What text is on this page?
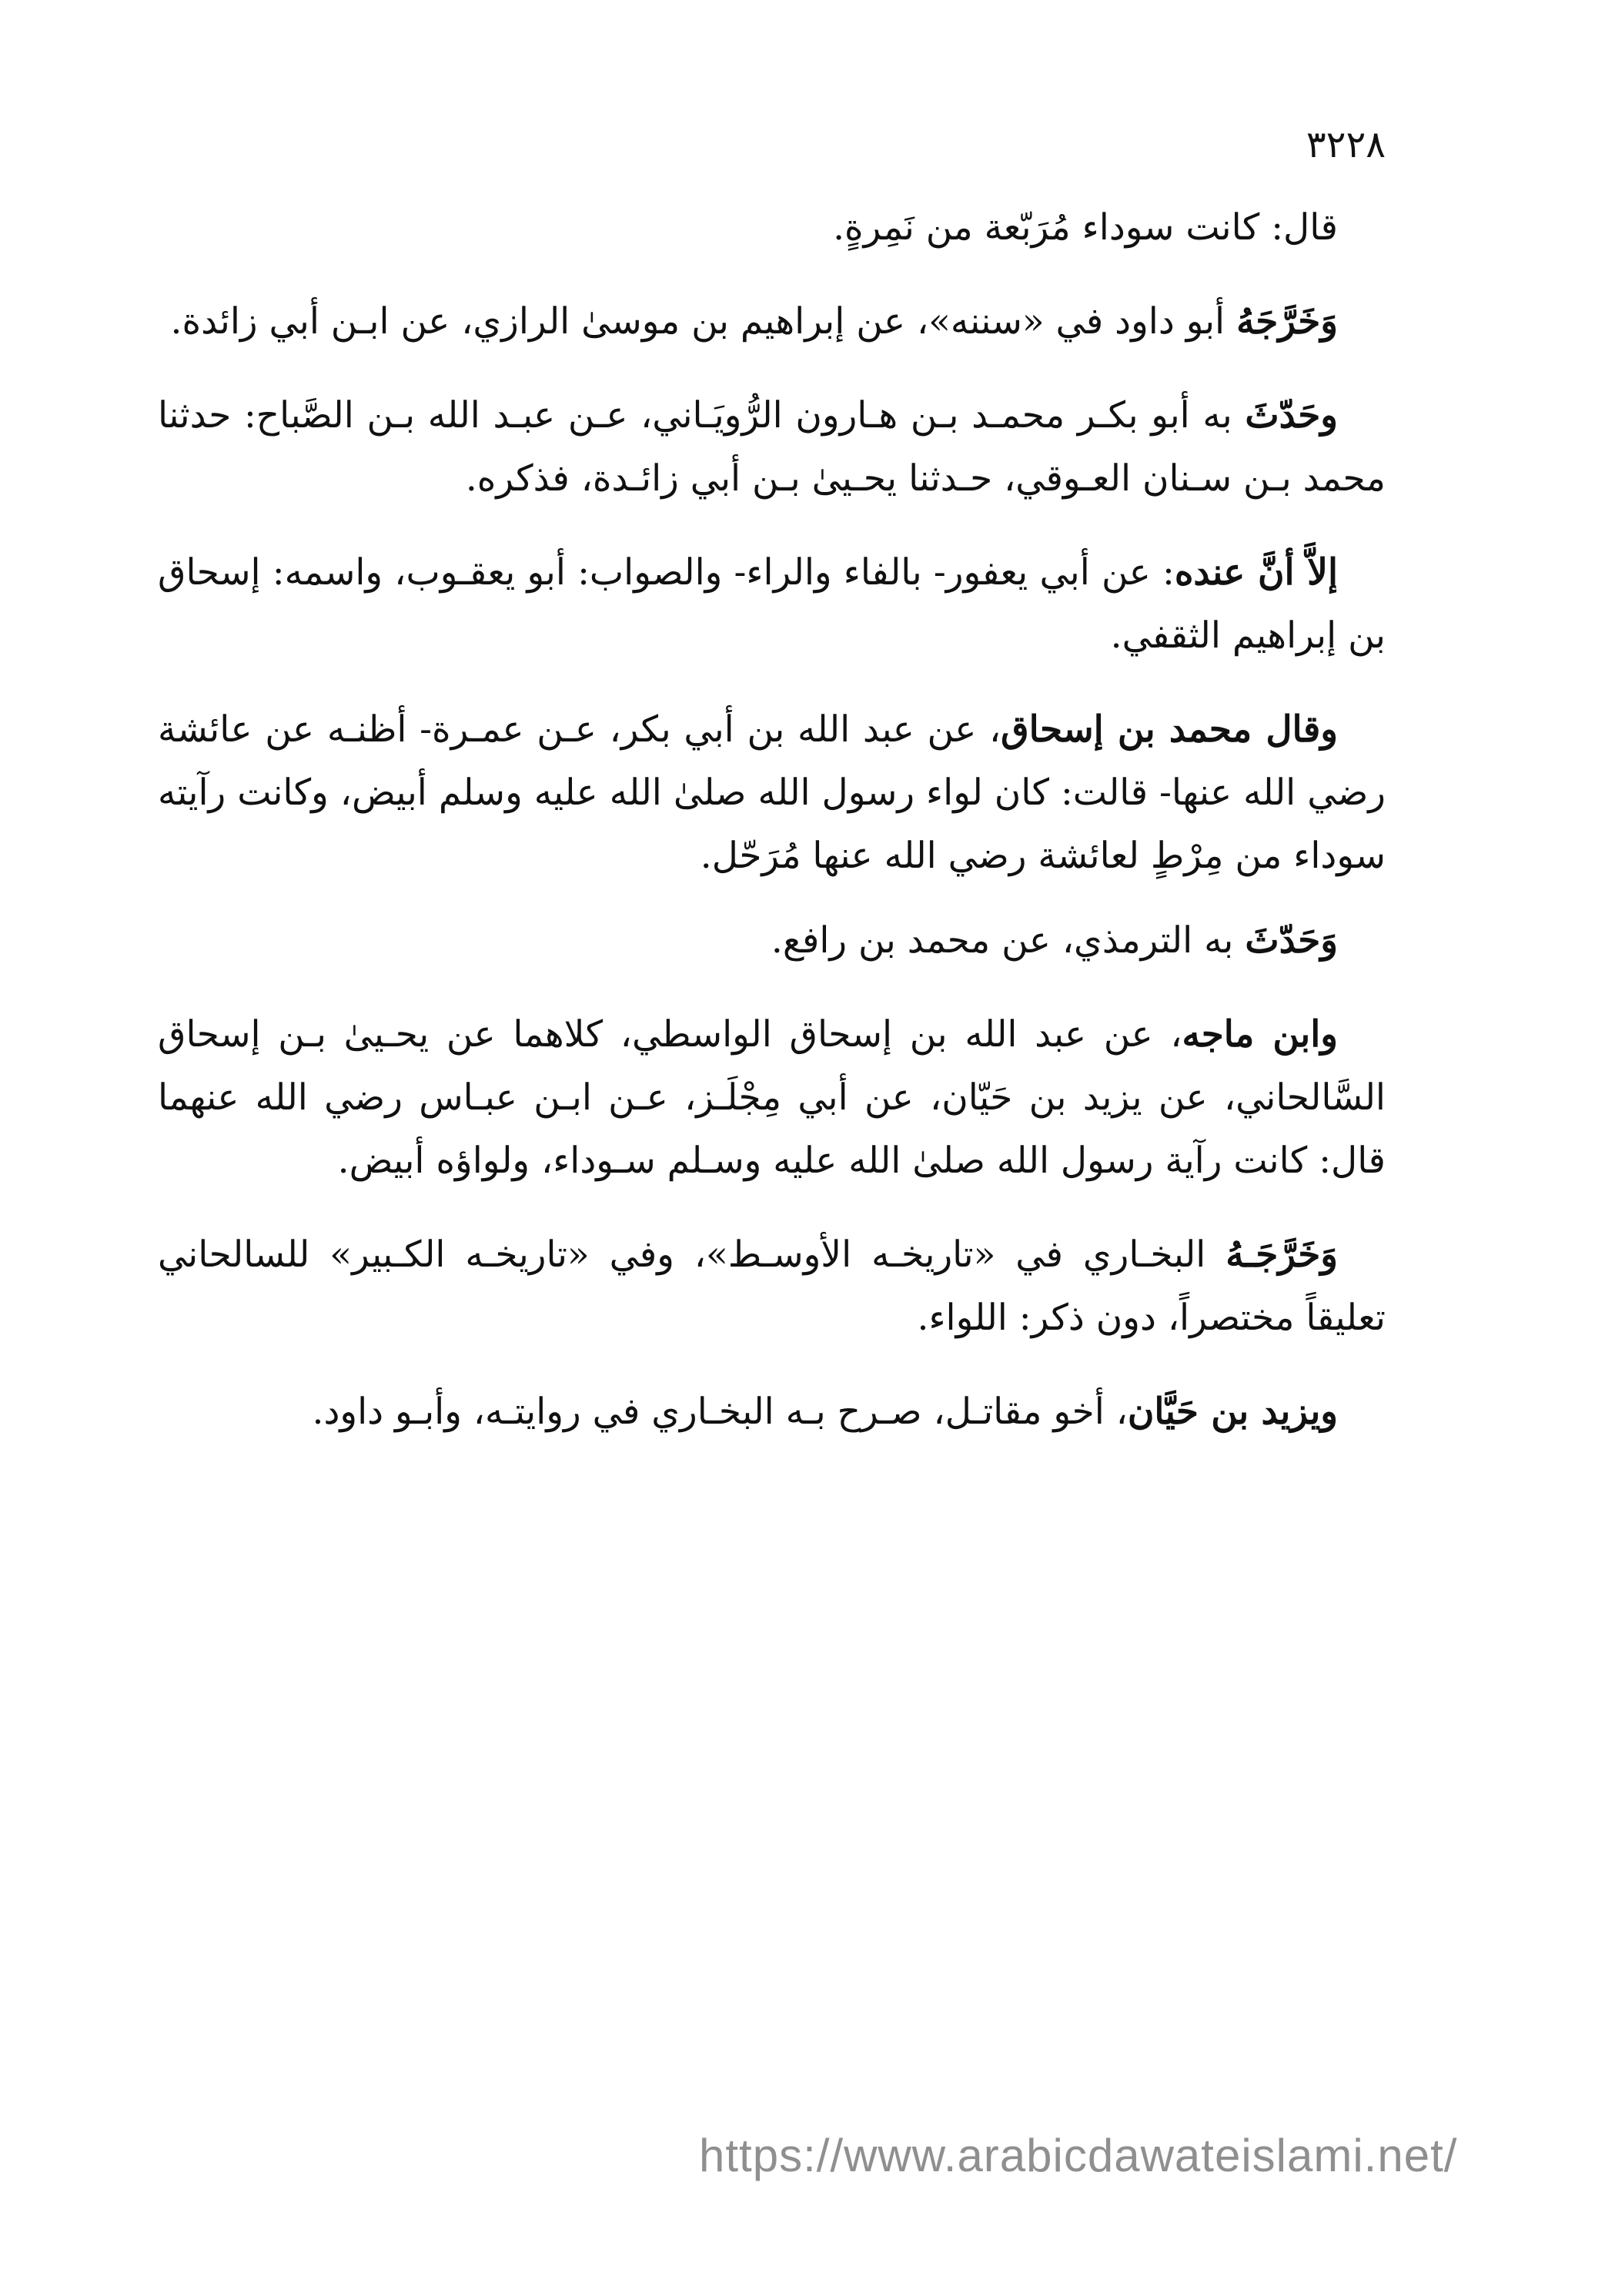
٣٢٢٨

قال: كانت سوداء مُرَبّعة من نَمِرةٍ.

وَخَرَّجَهُ أبو داود في «سننه»، عن إبراهيم بن موسىٰ الرازي، عن ابـن أبي زائدة.

وحَدّثَ به أبو بكـر محمـد بـن هـارون الرُّويَـاني، عـن عبـد الله بـن الصَّباح: حدثنا محمد بـن سـنان العـوقي، حـدثنا يحـيىٰ بـن أبي زائـدة، فذكره.

إلاَّ أنَّ عنده: عن أبي يعفور- بالفاء والراء- والصواب: أبو يعقـوب، واسمه: إسحاق بن إبراهيم الثقفي.

وقال محمد بن إسحاق، عن عبد الله بن أبي بكر، عـن عمـرة- أظنـه عن عائشة رضي الله عنها- قالت: كان لواء رسول الله صلىٰ الله عليه وسلم أبيض، وكانت رآيته سوداء من مِرْطٍ لعائشة رضي الله عنها مُرَحّل.

وَحَدّثَ به الترمذي، عن محمد بن رافع.

وابن ماجه، عن عبد الله بن إسحاق الواسطي، كلاهما عن يحـيىٰ بـن إسحاق السَّالحاني، عن يزيد بن حَيّان، عن أبي مِجْلَـز، عـن ابـن عبـاس رضي الله عنهما قال: كانت رآية رسول الله صلىٰ الله عليه وسـلم سـوداء، ولواؤه أبيض.

وَخَرَّجَـهُ البخـاري في «تاريخـه الأوسـط»، وفي «تاريخـه الكـبير» للسالحاني تعليقاً مختصراً، دون ذكر: اللواء.

ويزيد بن حَيَّان، أخو مقاتـل، صـرح بـه البخـاري في روايتـه، وأبـو داود.

https://www.arabicdawateislami.net/
